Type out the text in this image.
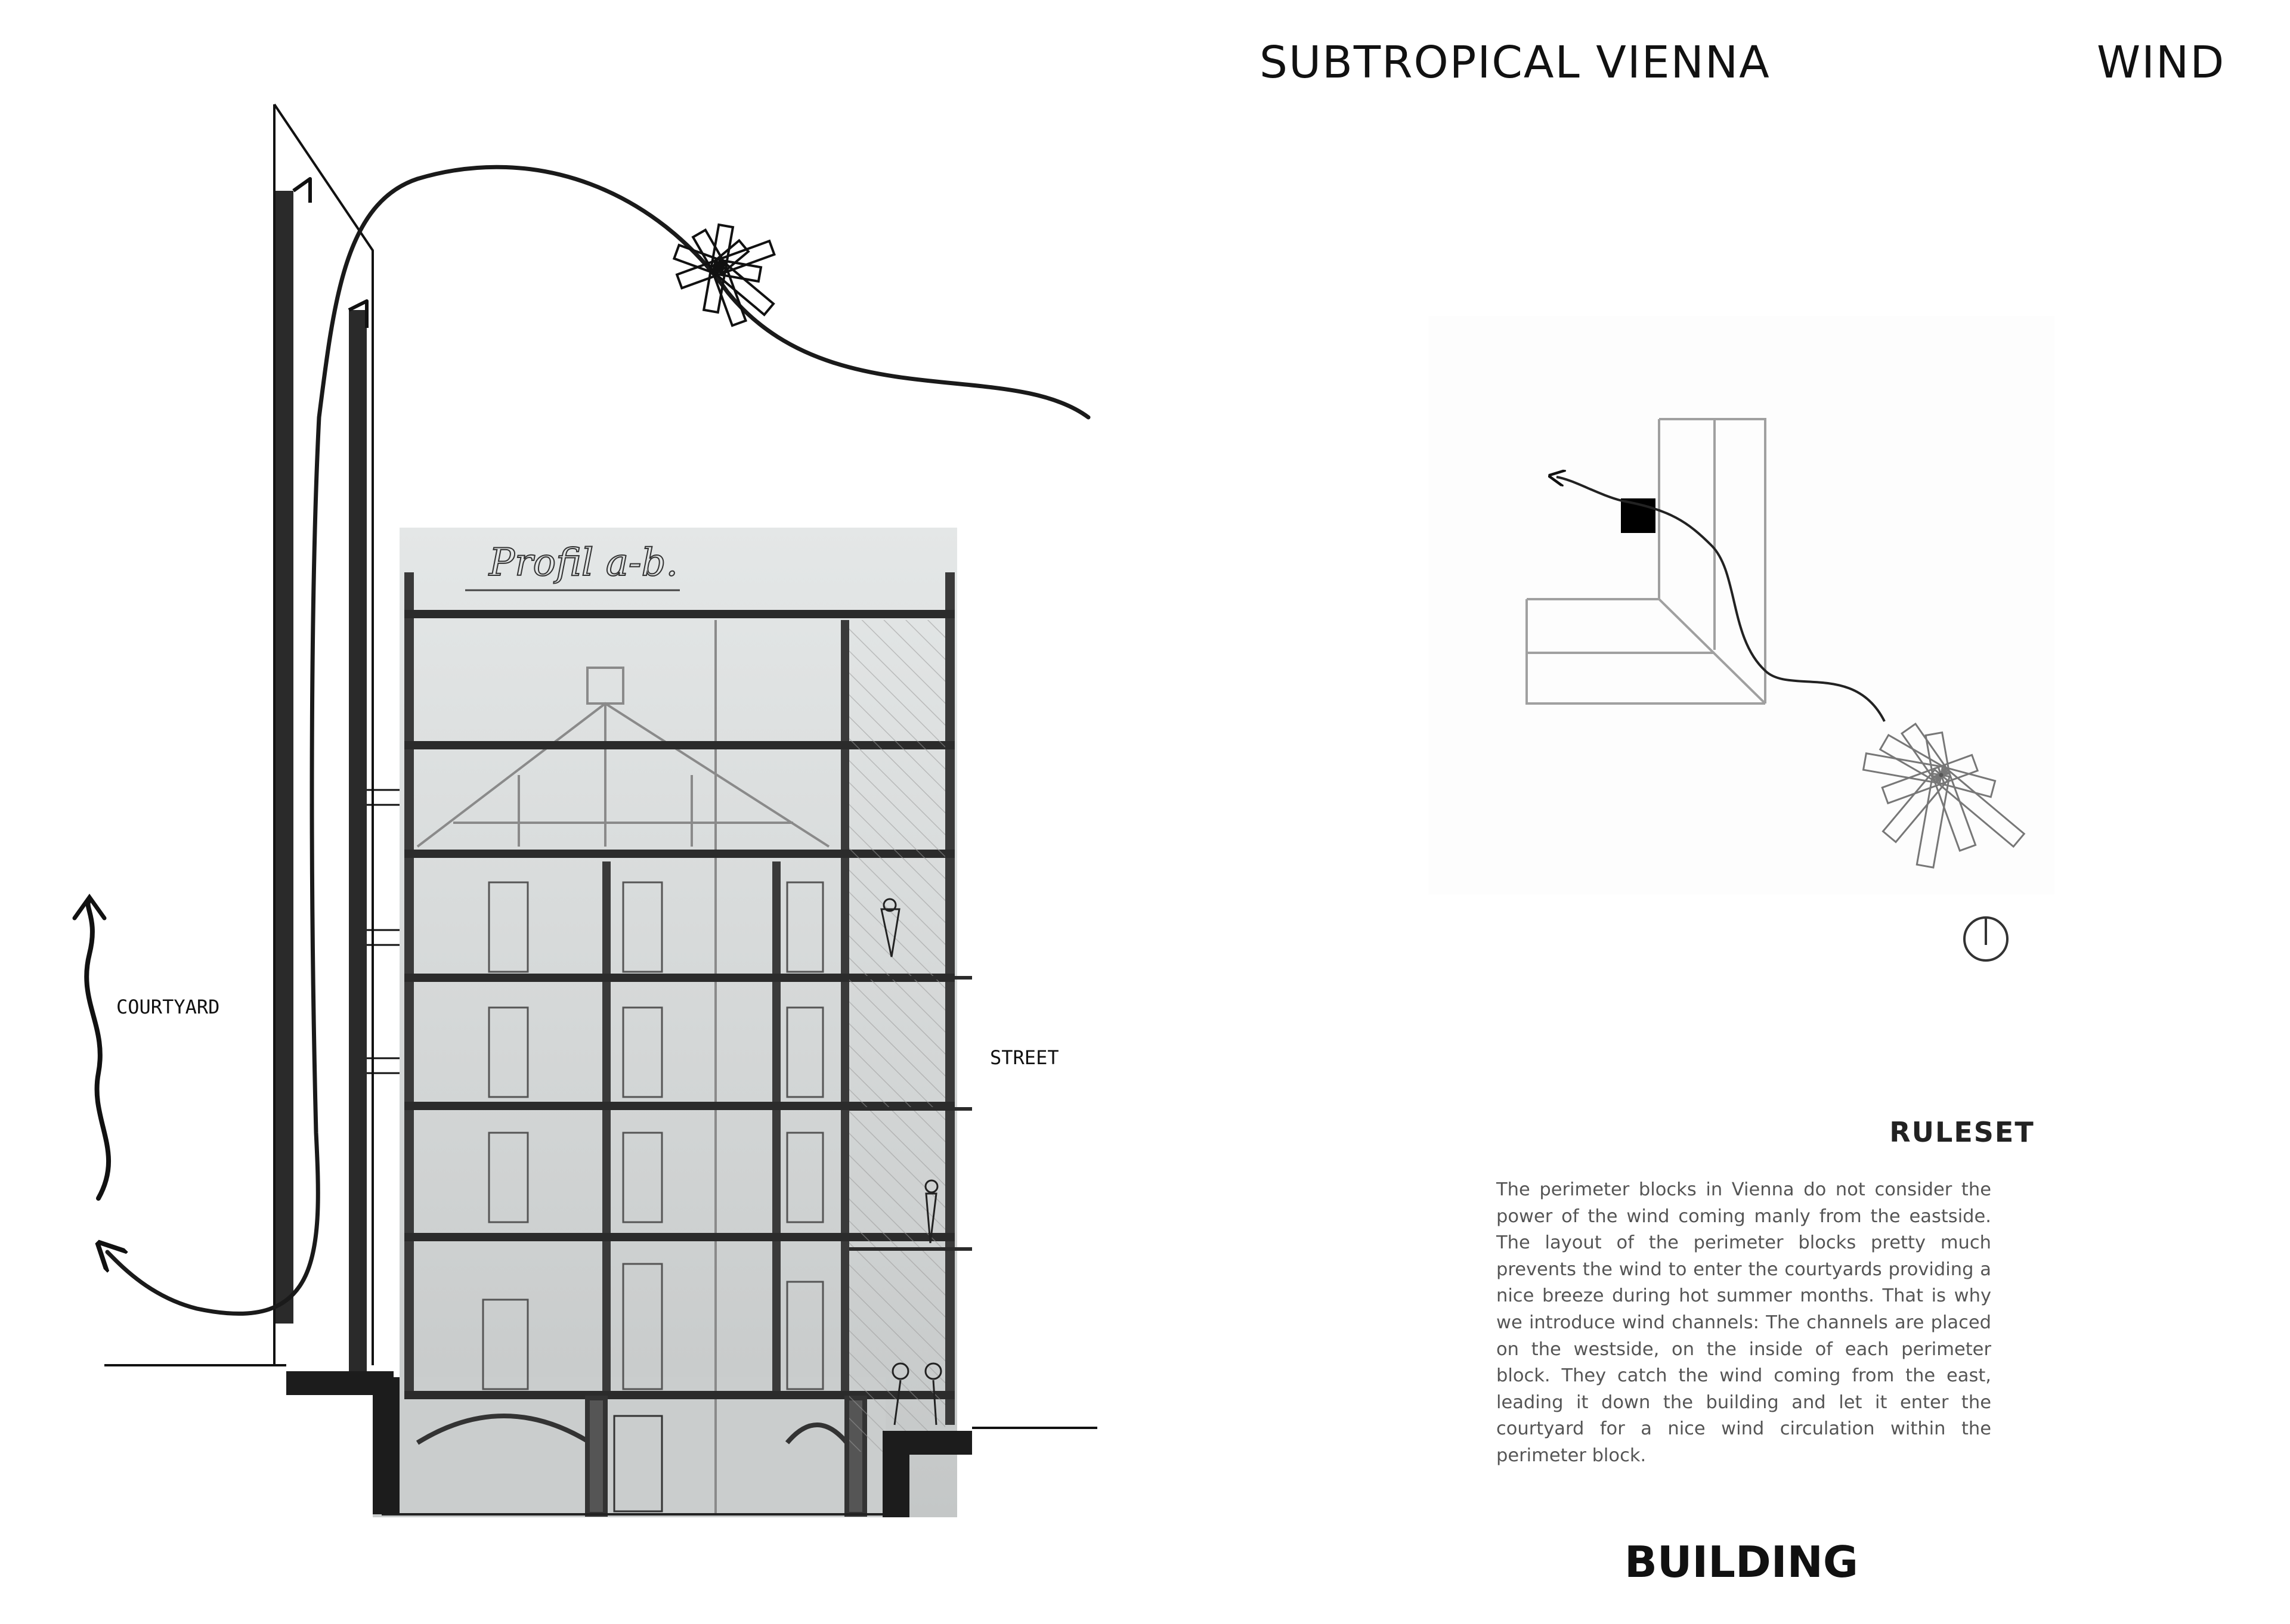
SUBTROPICAL VIENNA	WIND
Profil a-b.
COURTYARD
STREET
RULESET

The perimeter blocks in Vienna do not consider the power of the wind coming manly from the eastside. The layout of the perimeter blocks pretty much prevents the wind to enter the courtyards providing a nice breeze during hot summer months. That is why we introduce wind channels: The channels are placed on the westside, on the inside of each perimeter block. They catch the wind coming from the east, leading it down the building and let it enter the courtyard for a nice wind circulation within the perimeter block.

BUILDING
